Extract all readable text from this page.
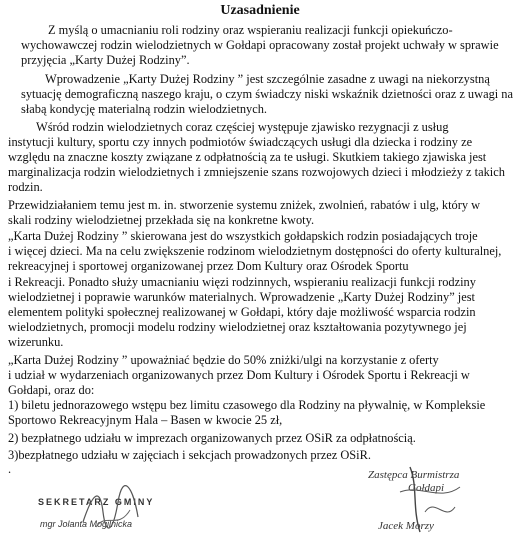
Uzasadnienie
Z myślą o umacnianiu roli rodziny oraz wspieraniu realizacji funkcji opiekuńczo-
wychowawczej rodzin wielodzietnych w Gołdapi opracowany został projekt uchwały w sprawie
przyjęcia „Karty Dużej Rodziny”.
Wprowadzenie „Karty Dużej Rodziny ” jest szczególnie zasadne z uwagi na niekorzystną
sytuację demograficzną naszego kraju, o czym świadczy niski wskaźnik dzietności oraz z uwagi na
słabą kondycję materialną rodzin wielodzietnych.
Wśród rodzin wielodzietnych coraz częściej występuje zjawisko rezygnacji z usług
instytucji kultury, sportu czy innych podmiotów świadczących usługi dla dziecka i rodziny ze
względu na znaczne koszty związane z odpłatnością za te usługi. Skutkiem takiego zjawiska jest
marginalizacja rodzin wielodzietnych i zmniejszenie szans rozwojowych dzieci i młodzieży z takich
rodzin.
Przewidziałaniem temu jest m. in. stworzenie systemu zniżek, zwolnień, rabatów i ulg, który w
skali rodziny wielodzietnej przekłada się na konkretne kwoty.
„Karta Dużej Rodziny ” skierowana jest do wszystkich gołdapskich rodzin posiadających troje
i więcej dzieci. Ma na celu zwiększenie rodzinom wielodzietnym dostępności do oferty kulturalnej,
rekreacyjnej i sportowej organizowanej przez Dom Kultury oraz Ośrodek Sportu
i Rekreacji. Ponadto służy umacnianiu więzi rodzinnych, wspieraniu realizacji funkcji rodziny
wielodzietnej i poprawie warunków materialnych. Wprowadzenie „Karty Dużej Rodziny” jest
elementem polityki społecznej realizowanej w Gołdapi, który daje możliwość wsparcia rodzin
wielodzietnych, promocji modelu rodziny wielodzietnej oraz kształtowania pozytywnego jej
wizerunku.
„Karta Dużej Rodziny ” upoważniać będzie do 50% zniżki/ulgi na korzystanie z oferty
i udział w wydarzeniach organizowanych przez Dom Kultury i Ośrodek Sportu i Rekreacji w
Gołdapi, oraz do:
1) biletu jednorazowego wstępu bez limitu czasowego dla Rodziny na pływalnię, w Kompleksie
Sportowo Rekreacyjnym Hala – Basen w kwocie 25 zł,
2) bezpłatnego udziału w imprezach organizowanych przez OSiR za odpłatnością.
3)bezpłatnego udziału w zajęciach i sekcjach prowadzonych przez OSiR.
.
SEKRETARZ GMINY
mgr Jolanta Mogilnicka
Zastępca Burmistrza
Gołdapi
Jacek Morzy
